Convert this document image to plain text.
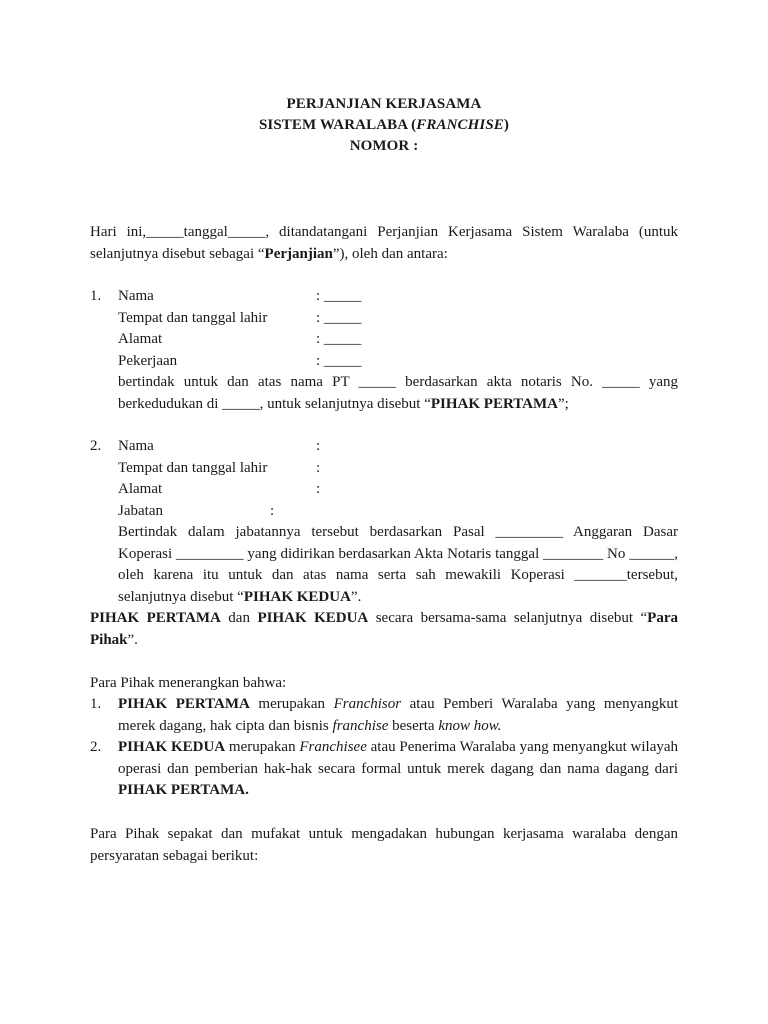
PERJANJIAN KERJASAMA
SISTEM WARALABA (FRANCHISE)
NOMOR :

Hari ini,_____tanggal_____, ditandatangani Perjanjian Kerjasama Sistem Waralaba (untuk selanjutnya disebut sebagai “Perjanjian”), oleh dan antara:

1.	Nama	: _____
Tempat dan tanggal lahir	: _____
Alamat	: _____
Pekerjaan	: _____

bertindak untuk dan atas nama PT _____ berdasarkan akta notaris No. _____ yang berkedudukan di _____, untuk selanjutnya disebut “PIHAK PERTAMA”;

2.	Nama	:
Tempat dan tanggal lahir	:
Alamat	:
Jabatan	:

Bertindak dalam jabatannya tersebut berdasarkan Pasal _________ Anggaran Dasar Koperasi _________ yang didirikan berdasarkan Akta Notaris tanggal ________ No ______, oleh karena itu untuk dan atas nama serta sah mewakili Koperasi _______tersebut, selanjutnya disebut “PIHAK KEDUA”.

PIHAK PERTAMA dan PIHAK KEDUA secara bersama-sama selanjutnya disebut “Para Pihak”.

Para Pihak menerangkan bahwa:

1.	PIHAK PERTAMA merupakan Franchisor atau Pemberi Waralaba yang menyangkut merek dagang, hak cipta dan bisnis franchise beserta know how.

2.	PIHAK KEDUA merupakan Franchisee atau Penerima Waralaba yang menyangkut wilayah operasi dan pemberian hak-hak secara formal untuk merek dagang dan nama dagang dari PIHAK PERTAMA.

Para Pihak sepakat dan mufakat untuk mengadakan hubungan kerjasama waralaba dengan persyaratan sebagai berikut:
